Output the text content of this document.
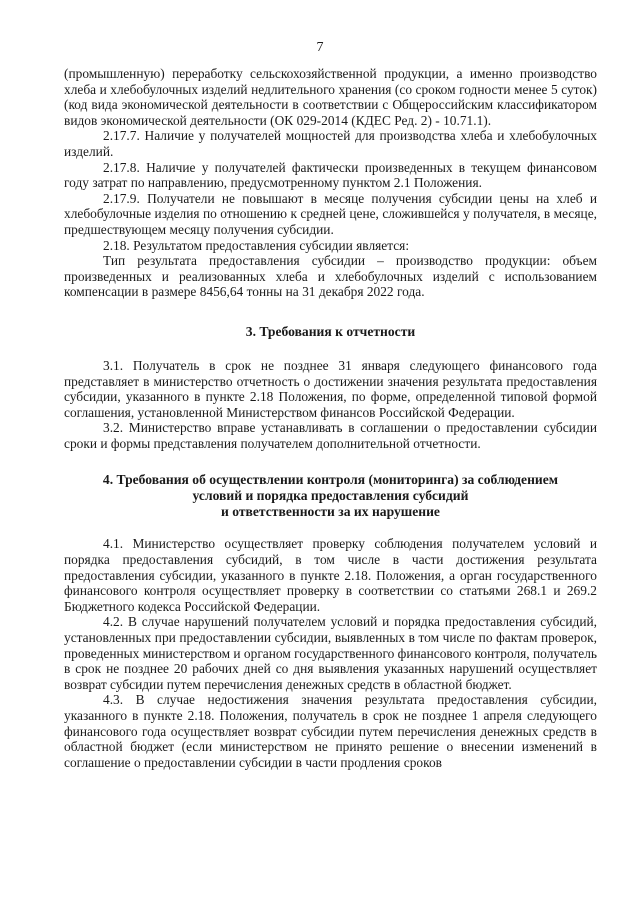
7

(промышленную) переработку сельскохозяйственной продукции, а именно производство хлеба и хлебобулочных изделий недлительного хранения (со сроком годности менее 5 суток) (код вида экономической деятельности в соответствии с Общероссийским классификатором видов экономической деятельности (ОК 029-2014 (КДЕС Ред. 2) - 10.71.1).

2.17.7. Наличие у получателей мощностей для производства хлеба и хлебобулочных изделий.

2.17.8. Наличие у получателей фактически произведенных в текущем финансовом году затрат по направлению, предусмотренному пунктом 2.1 Положения.

2.17.9. Получатели не повышают в месяце получения субсидии цены на хлеб и хлебобулочные изделия по отношению к средней цене, сложившейся у получателя, в месяце, предшествующем месяцу получения субсидии.

2.18. Результатом предоставления субсидии является:

Тип результата предоставления субсидии – производство продукции: объем произведенных и реализованных хлеба и хлебобулочных изделий с использованием компенсации в размере 8456,64 тонны на 31 декабря 2022 года.

3. Требования к отчетности

3.1. Получатель в срок не позднее 31 января следующего финансового года представляет в министерство отчетность о достижении значения результата предоставления субсидии, указанного в пункте 2.18 Положения, по форме, определенной типовой формой соглашения, установленной Министерством финансов Российской Федерации.

3.2. Министерство вправе устанавливать в соглашении о предоставлении субсидии сроки и формы представления получателем дополнительной отчетности.

4. Требования об осуществлении контроля (мониторинга) за соблюдением
условий и порядка предоставления субсидий
и ответственности за их нарушение

4.1. Министерство осуществляет проверку соблюдения получателем условий и порядка предоставления субсидий, в том числе в части достижения результата предоставления субсидии, указанного в пункте 2.18. Положения, а орган государственного финансового контроля осуществляет проверку в соответствии со статьями 268.1 и 269.2 Бюджетного кодекса Российской Федерации.

4.2. В случае нарушений получателем условий и порядка предоставления субсидий, установленных при предоставлении субсидии, выявленных в том числе по фактам проверок, проведенных министерством и органом государственного финансового контроля, получатель в срок не позднее 20 рабочих дней со дня выявления указанных нарушений осуществляет возврат субсидии путем перечисления денежных средств в областной бюджет.

4.3. В случае недостижения значения результата предоставления субсидии, указанного в пункте 2.18. Положения, получатель в срок не позднее 1 апреля следующего финансового года осуществляет возврат субсидии путем перечисления денежных средств в областной бюджет (если министерством не принято решение о внесении изменений в соглашение о предоставлении субсидии в части продления сроков
